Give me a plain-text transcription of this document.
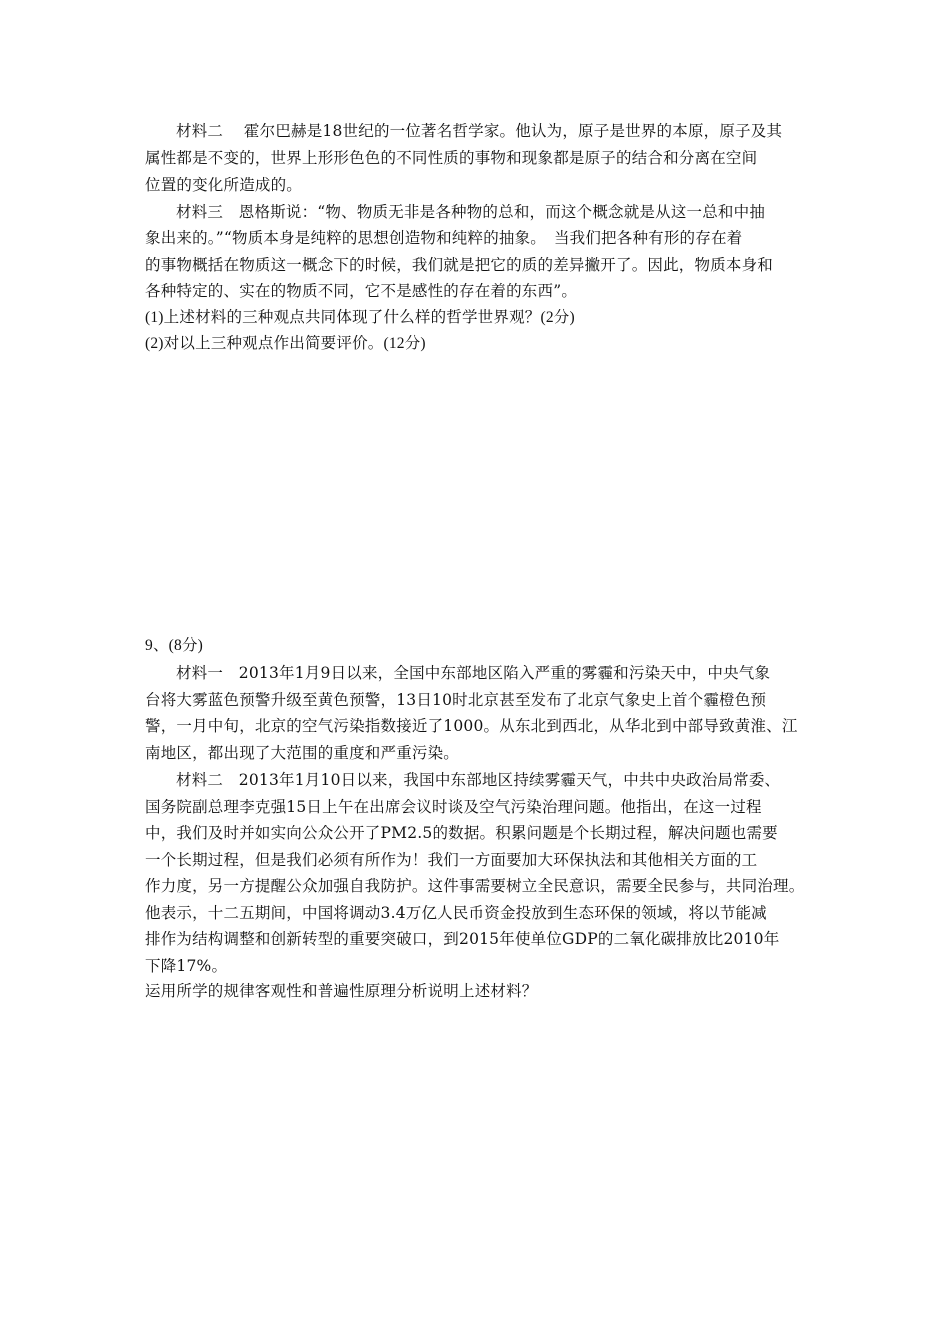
材料二　 霍尔巴赫是18世纪的一位著名哲学家。他认为，原子是世界的本原，原子及其
属性都是不变的，世界上形形色色的不同性质的事物和现象都是原子的结合和分离在空间
位置的变化所造成的。
材料三　恩格斯说：“物、物质无非是各种物的总和，而这个概念就是从这一总和中抽
象出来的。”“物质本身是纯粹的思想创造物和纯粹的抽象。　当我们把各种有形的存在着
的事物概括在物质这一概念下的时候，我们就是把它的质的差异撇开了。因此，物质本身和
各种特定的、实在的物质不同，它不是感性的存在着的东西”。
(1)上述材料的三种观点共同体现了什么样的哲学世界观？(2分)
(2)对以上三种观点作出简要评价。(12分)
9、(8分)
材料一　2013年1月9日以来，全国中东部地区陷入严重的雾霾和污染天中，中央气象
台将大雾蓝色预警升级至黄色预警，13日10时北京甚至发布了北京气象史上首个霾橙色预
警，一月中旬，北京的空气污染指数接近了1000。从东北到西北，从华北到中部导致黄淮、江
南地区，都出现了大范围的重度和严重污染。
材料二　2013年1月10日以来，我国中东部地区持续雾霾天气，中共中央政治局常委、
国务院副总理李克强15日上午在出席会议时谈及空气污染治理问题。他指出，在这一过程
中，我们及时并如实向公众公开了PM2.5的数据。积累问题是个长期过程，解决问题也需要
一个长期过程，但是我们必须有所作为！我们一方面要加大环保执法和其他相关方面的工
作力度，另一方提醒公众加强自我防护。这件事需要树立全民意识，需要全民参与，共同治理。
他表示，十二五期间，中国将调动3.4万亿人民币资金投放到生态环保的领域，将以节能减
排作为结构调整和创新转型的重要突破口，到2015年使单位GDP的二氧化碳排放比2010年
下降17%。
运用所学的规律客观性和普遍性原理分析说明上述材料？
